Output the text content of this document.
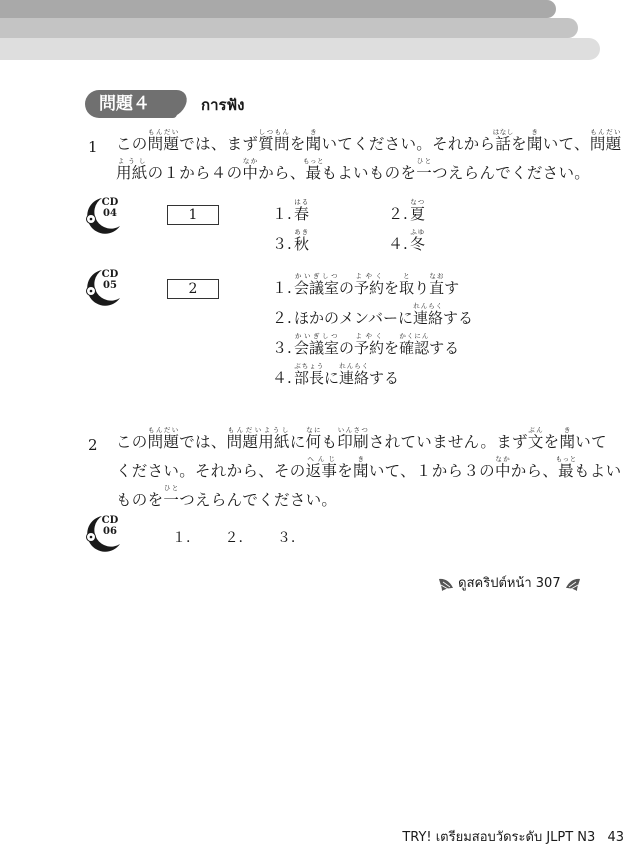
問題４	การฟัง
1 この問題もんだいでは、まず質問しつもんを聞きいてください。それから話はなしを聞きいて、問題もんだい
用紙ようしの１から４の中なかから、最もっともよいものを一ひとつえらんでください。
CD
04	1	１. 春はる
２. 夏なつ
３. 秋あき
４. 冬ふゆ
CD
05	2	１. 会議室かいぎしつの予約よやくを取とり直なおす
２. ほかのメンバーに連絡れんらくする
３. 会議室かいぎしつの予約よやくを確認かくにんする
４. 部長ぶちょうに連絡れんらくする
2 この問題もんだいでは、問題用紙もんだいようしに何なにも印刷いんさつされていません。まず文ぶんを聞きいて
ください。それから、その返事へんじを聞きいて、１から３の中なかから、最もっともよい
ものを一ひとつえらんでください。
CD
06	１. ２. ３.
ดูสคริปต์หน้า 307
TRY! เตรียมสอบวัดระดับ JLPT N3 43
